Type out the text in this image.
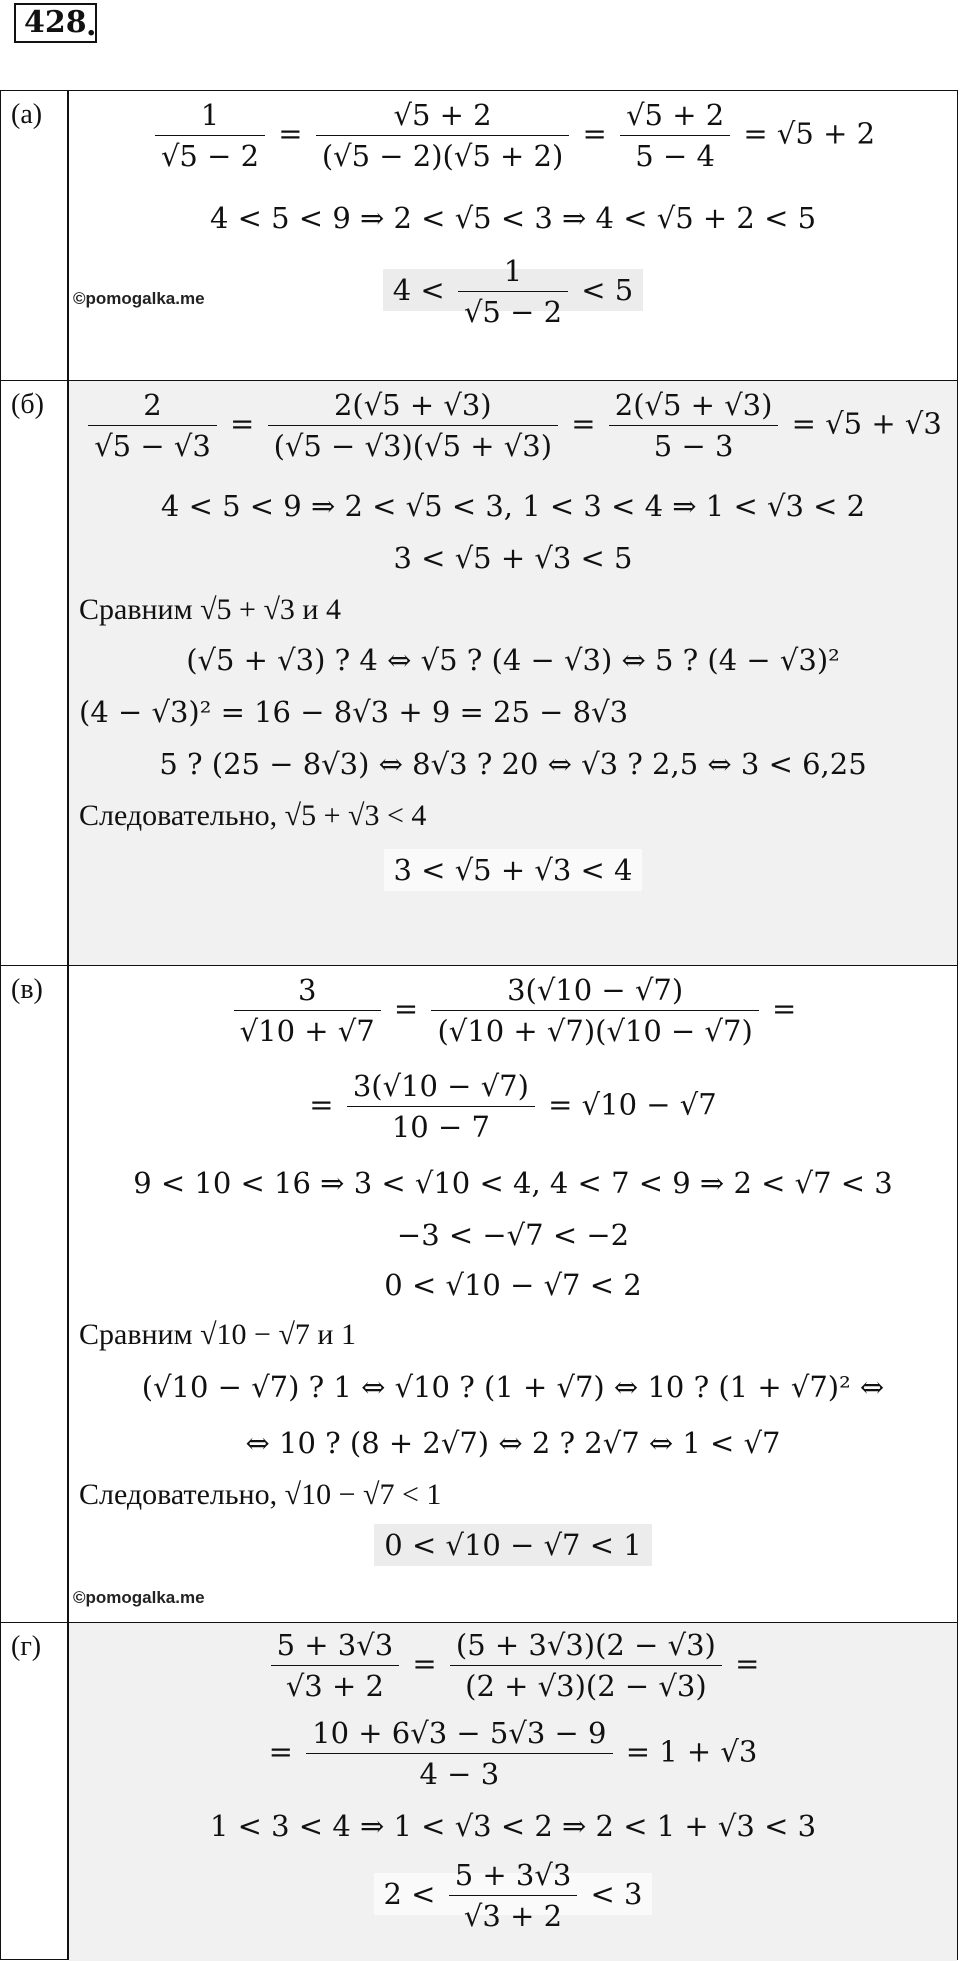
428 .
(а)	$\frac{1}{√5 - 2} = \frac{√5 + 2}{(√5 - 2)(√5 + 2)} = \frac{√5 + 2}{5 - 4} = √5 + 2$
4 < 5 < 9 ⇒ 2 < √5 < 3 ⇒ 4 < √5 + 2 < 5
$4 < \frac{1}{√5 - 2} < 5$
©pomogalka.me
$(б) \frac{2}{√5 - √3} = \frac{2(√5 + √3)}{(√5 - √3)(√5 + √3)} = \frac{2(√5 + √3)}{5 - 3} = √5 + √3$
4 < 5 < 9 ⇒ 2 < √5 < 3, 1 < 3 < 4 ⇒ 1 < √3 < 2
3 < √5 + √3 < 5
Сравним √5 + √3 и 4
(√5 + √3) ? 4 ⇔ √5 ? (4 − √3) ⇔ 5 ? (4 − √3)²
(4 − √3)² = 16 − 8√3 + 9 = 25 − 8√3
5 ? (25 − 8√3) ⇔ 8√3 ? 20 ⇔ √3 ? 2,5 ⇔ 3 < 6,25
Следовательно, √5 + √3 < 4
3 < √5 + √3 < 4
(в)	$\frac{3}{√10 + √7} = \frac{3(√10 - √7)}{(√10 + √7)(√10 - √7)}$ =
= $\frac{3(√10 - √7)}{10 - 7} = √10 - √7$
9 < 10 < 16 ⇒ 3 < √10 < 4, 4 < 7 < 9 ⇒ 2 < √7 < 3
−3 < −√7 < −2
0 < √10 − √7 < 2
Сравним √10 − √7 и 1
(√10 − √7) ? 1 ⇔ √10 ? (1 + √7) ⇔ 10 ? (1 + √7)² ⇔
⇔ 10 ? (8 + 2√7) ⇔ 2 ? 2√7 ⇔ 1 < √7
Следовательно, √10 − √7 < 1
0 < √10 − √7 < 1
©pomogalka.me
(г)	$\frac{5 + 3√3}{√3 + 2} = \frac{(5 + 3√3)(2 - √3)}{(2 + √3)(2 - √3)}$ =
= $\frac{10 + 6√3 - 5√3 - 9}{4 - 3} = 1 + √3$
1 < 3 < 4 ⇒ 1 < √3 < 2 ⇒ 2 < 1 + √3 < 3
$2 < \frac{5 + 3√3}{√3 + 2} < 3$
